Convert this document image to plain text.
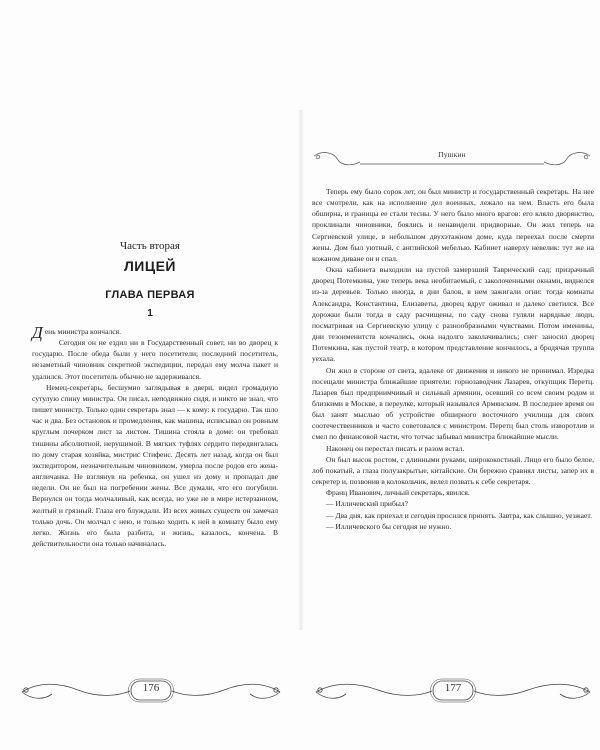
Часть вторая
ЛИЦЕЙ
ГЛАВА ПЕРВАЯ
1

День министра кончался.

Сегодня он не ездил ни в Государственный совет, ни во дворец к государю. После обеда были у него посетители; последний посетитель, незаметный чиновник секретной экспедиции, передал ему молча пакет и удалился. Этот посетитель обычно не задерживался.

Немец-секретарь, бесшумно заглядывая в двери, видел громадную сутулую спину министра. Он писал, неподвижно сидя, и никто не знал, что пишет министр. Только один секретарь знал — к кому: к государю. Так шло час и два. Без остановок и промедления, как машина, исписывал он ровным круглым почерком лист за листом. Тишина стояла в доме: он требовал тишины абсолютной, нерушимой. В мягких туфлях сердито передвигалась по дому старая хозяйка, мистрис Стифенс. Десять лет назад, когда он был экспедитором, незначительным чиновником, умерла после родов его жена-англичанка. Не взглянув на ребенка, он ушел из дому и пропадал две недели. Он не был на погребении жены. Все думали, что его погубили. Вернулся он тогда молчаливый, как всегда, но уже не в мире истерзанном, желтый и грязный. Глаза его блуждали. Из всех живых существ он замечал только дочь. Он молчал с нею, и только ходить к ней в комнату было ему легко. Жизнь его была разбита, и жизнь, казалось, кончена. В действительности она только начиналась.

176
Пушкин

Теперь ему было сорок лет, он был министр и государственный секретарь. На нее все смотрели, как на исполнение дел военных, лежало на нем. Власть его была обширна, и границы ее стали тесны. У него было много врагов: его кляло дворянство, проклинали чиновники, боялись и ненавидели придворные. Он жил теперь на Сергиевской улице, в небольшом двухэтажном доме, куда переехал после смерти жены. Дом был уютный, с английской мебелью. Кабинет наверху невелик: тут же на кожаном диване он и спал.

Окна кабинета выходили на пустой замерзший Таврический сад; призрачный дворец Потемкина, уже теперь века необитаемый, с заколоченными окнами, виднелся из-за деревьев. Только иногда, в дни балов, в нем зажигали огни: тогда комнаты Александра, Константина, Елизаветы, дворец вдруг оживал и далеко светился. Все дорожки были тогда в саду расчищены, по саду снова гуляли нарядные люди, посматривая на Сергиевскую улицу с разнообразными чувствами. Потом именины, дни тезоименитств кончались, окна надолго заколачивались; снег заносил дворец Потемкина, как пустой театр, в котором представление кончилось, а бродячая труппа уехала.

Он жил в стороне от света, вдалеке от движения и никого не принимал. Изредка посещали министра ближайшие приятели: горнозаводчик Лазарев, откупщик Перетц. Лазарев был предприимчивый и сильный армянин, осевший со всем своим родом и близкими в Москве, в переулке, который назывался Армянским. В последнее время он был занят мыслью об устройстве обширного восточного училища для своих соотечественников и часто советовался с министром. Перетц был столь изворотлив и смел по финансовой части, что тотчас забывал министра ближайшие мысли.

Наконец он перестал писать и разом встал.

Он был высок ростом, с длинными руками, ширококостный. Лицо его было белое, лоб покатый, а глаза полузакрытые, китайские. Он бережно сравнял листы, запер их в секретер и, позвонив в колокольчик, велел позвать к себе секретаря.

Франц Иванович, личный секретарь, явился.

— Илличевский прибыл?

— Два дня, как приехал и сегодня просился принять. Завтра, как слышно, уезжает.

— Илличевского бы сегодня не нужно.

177
